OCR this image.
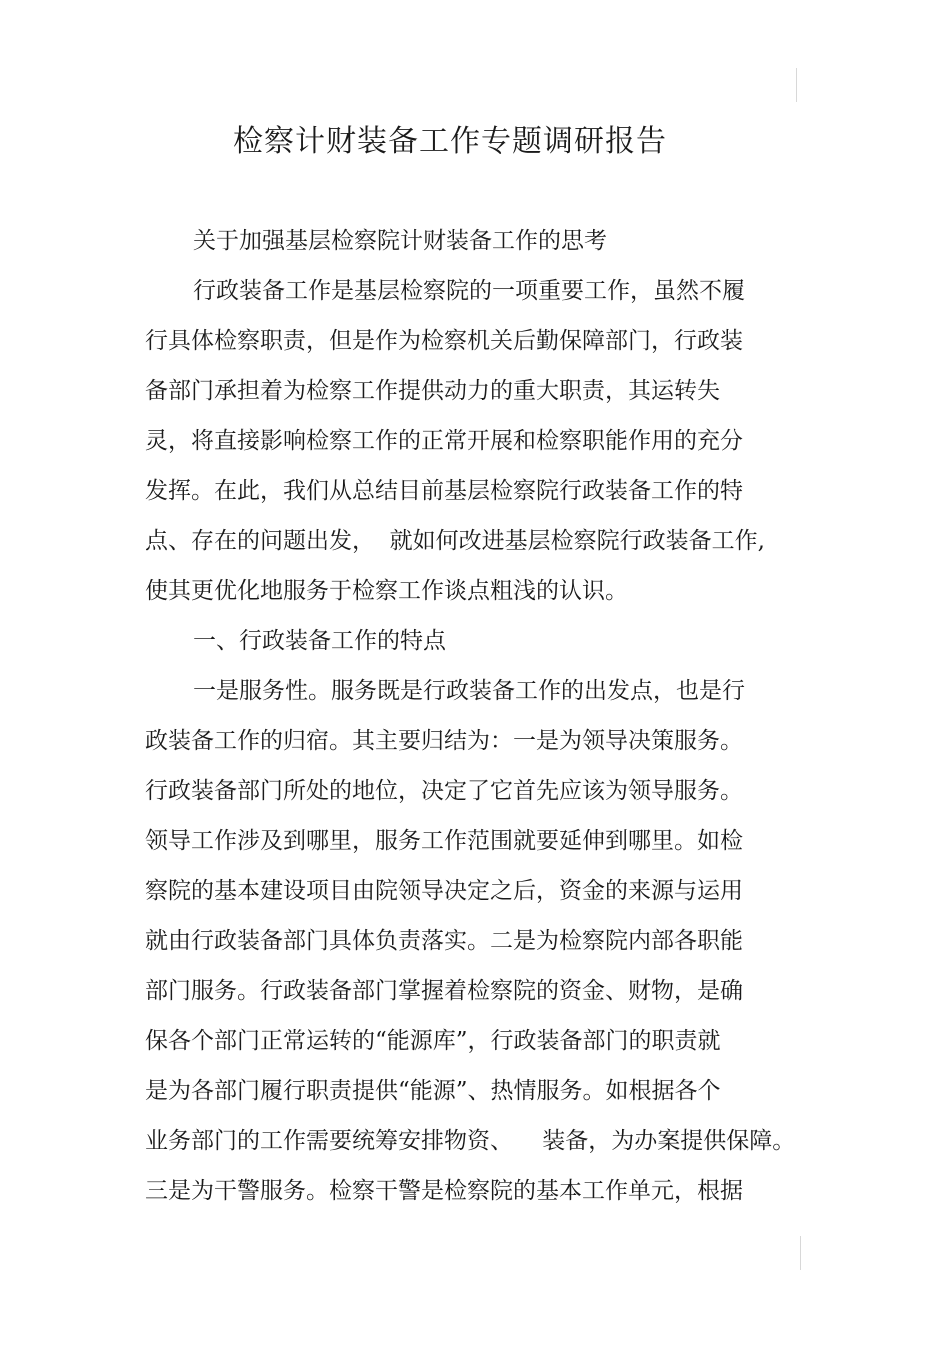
检察计财装备工作专题调研报告
关于加强基层检察院计财装备工作的思考
行政装备工作是基层检察院的一项重要工作，虽然不履
行具体检察职责，但是作为检察机关后勤保障部门，行政装
备部门承担着为检察工作提供动力的重大职责，其运转失
灵，将直接影响检察工作的正常开展和检察职能作用的充分
发挥。在此，我们从总结目前基层检察院行政装备工作的特
点、存在的问题出发，  就如何改进基层检察院行政装备工作,
使其更优化地服务于检察工作谈点粗浅的认识。
一、行政装备工作的特点
一是服务性。服务既是行政装备工作的出发点，也是行
政装备工作的归宿。其主要归结为：一是为领导决策服务。
行政装备部门所处的地位，决定了它首先应该为领导服务。
领导工作涉及到哪里，服务工作范围就要延伸到哪里。如检
察院的基本建设项目由院领导决定之后，资金的来源与运用
就由行政装备部门具体负责落实。二是为检察院内部各职能
部门服务。行政装备部门掌握着检察院的资金、财物，是确
保各个部门正常运转的“能源库”，行政装备部门的职责就
是为各部门履行职责提供“能源”、热情服务。如根据各个
业务部门的工作需要统筹安排物资、    装备，为办案提供保障。
三是为干警服务。检察干警是检察院的基本工作单元，根据
